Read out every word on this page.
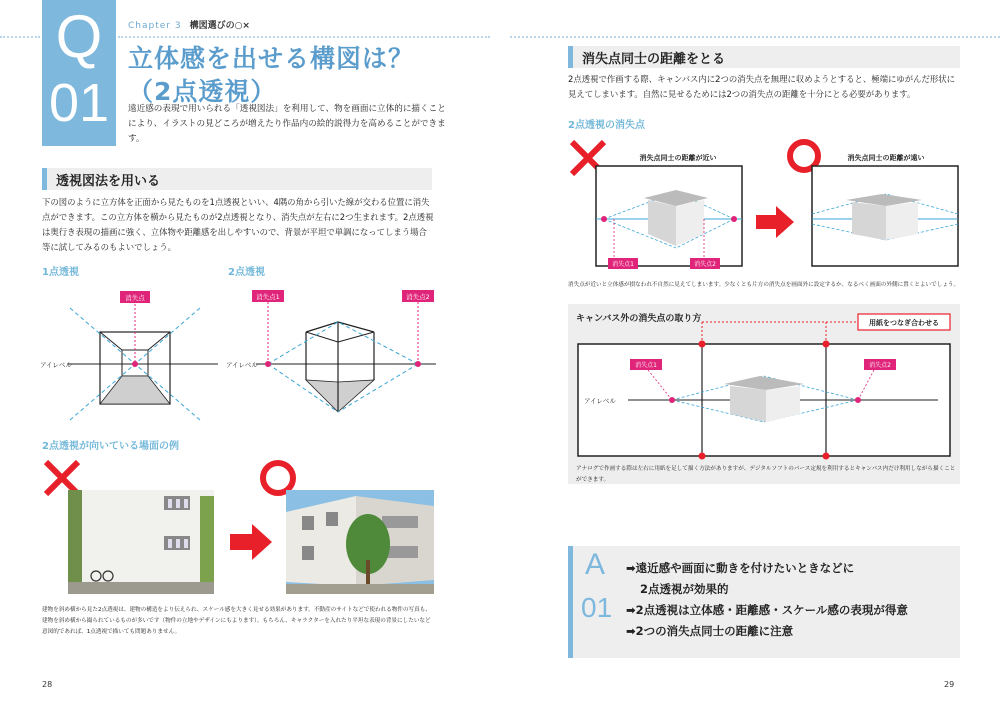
Q
01
Chapter 3 構図選びの○×
立体感を出せる構図は？
（2点透視）
遠近感の表現で用いられる「透視図法」を利用して、物を画面に立体的に描くことにより、イラストの見どころが増えたり作品内の絵的説得力を高めることができます。
透視図法を用いる
下の図のように立方体を正面から見たものを1点透視といい、4隅の角から引いた線が交わる位置に消失点ができます。この立方体を横から見たものが2点透視となり、消失点が左右に2つ生まれます。2点透視は奥行き表現の描画に強く、立体物や距離感を出しやすいので、背景が平坦で単調になってしまう場合等に試してみるのもよいでしょう。
1点透視	2点透視
消失点
アイレベル
消失点1	消失点2
アイレベル
2点透視が向いている場面の例
建物を斜め横から見た2点透視は、建物の構造をより伝えられ、スケール感を大きく見せる効果があります。不動産のサイトなどで使われる物件の写真も、建物を斜め横から撮られているものが多いです（物件の立地やデザインにもよります）。もちろん、キャラクターを入れたり平坦な表現の背景にしたいなど意図的であれば、1点透視で描いても問題ありません。
28
消失点同士の距離をとる
2点透視で作画する際、キャンバス内に2つの消失点を無理に収めようとすると、極端にゆがんだ形状に見えてしまいます。自然に見せるためには2つの消失点の距離を十分にとる必要があります。
2点透視の消失点
消失点1	消失点2
消失点同士の距離が近い	消失点同士の距離が遠い
消失点が近いと立体感が損なわれ不自然に見えてしまいます。少なくとも片方の消失点を画面外に設定するか、なるべく画面の外側に置くとよいでしょう。
キャンバス外の消失点の取り方	用紙をつなぎ合わせる
アイレベル
消失点1	消失点2
アナログで作画する際は左右に用紙を足して描く方法がありますが、デジタルソフトのパース定規を利用するとキャンバス内だけ利用しながら描くことができます。
A
01
➡遠近感や画面に動きを付けたいときなどに
2点透視が効果的
➡2点透視は立体感・距離感・スケール感の表現が得意
➡2つの消失点同士の距離に注意
29
